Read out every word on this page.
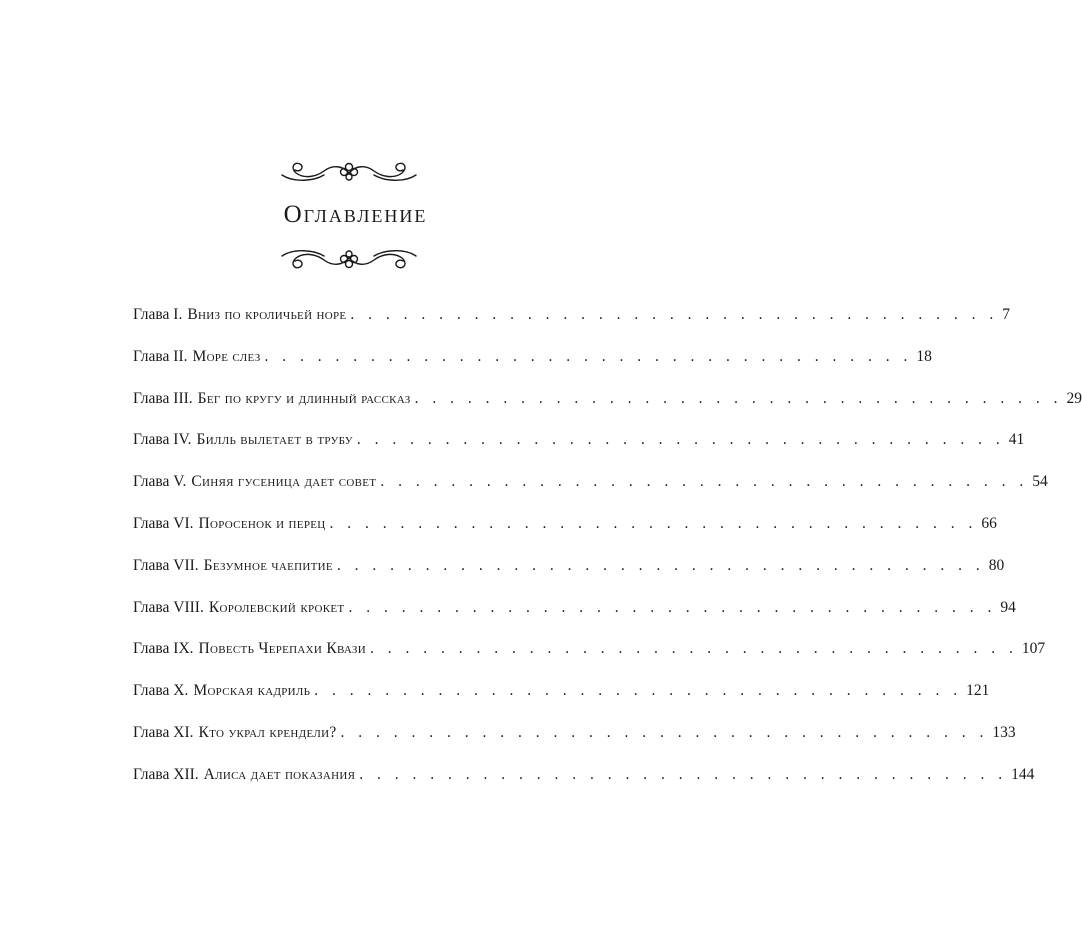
Оглавление
Глава I. Вниз по кроличьей норе . . . . . . . . . . . . . . . . . . . . . . . . . . . . . . . . . . . . . 7
Глава II. Море слез . . . . . . . . . . . . . . . . . . . . . . . . . . . . . . . . . . . . . 18
Глава III. Бег по кругу и длинный рассказ . . . . . . . . . . . . . . . . . . . . . . . . . . . . . . . . . . . . . 29
Глава IV. Билль вылетает в трубу . . . . . . . . . . . . . . . . . . . . . . . . . . . . . . . . . . . . . 41
Глава V. Синяя гусеница дает совет . . . . . . . . . . . . . . . . . . . . . . . . . . . . . . . . . . . . . 54
Глава VI. Поросенок и перец . . . . . . . . . . . . . . . . . . . . . . . . . . . . . . . . . . . . . 66
Глава VII. Безумное чаепитие . . . . . . . . . . . . . . . . . . . . . . . . . . . . . . . . . . . . . 80
Глава VIII. Королевский крокет . . . . . . . . . . . . . . . . . . . . . . . . . . . . . . . . . . . . . 94
Глава IX. Повесть Черепахи Квази . . . . . . . . . . . . . . . . . . . . . . . . . . . . . . . . . . . . . 107
Глава X. Морская кадриль . . . . . . . . . . . . . . . . . . . . . . . . . . . . . . . . . . . . . 121
Глава XI. Кто украл крендели? . . . . . . . . . . . . . . . . . . . . . . . . . . . . . . . . . . . . . 133
Глава XII. Алиса дает показания . . . . . . . . . . . . . . . . . . . . . . . . . . . . . . . . . . . . . 144
